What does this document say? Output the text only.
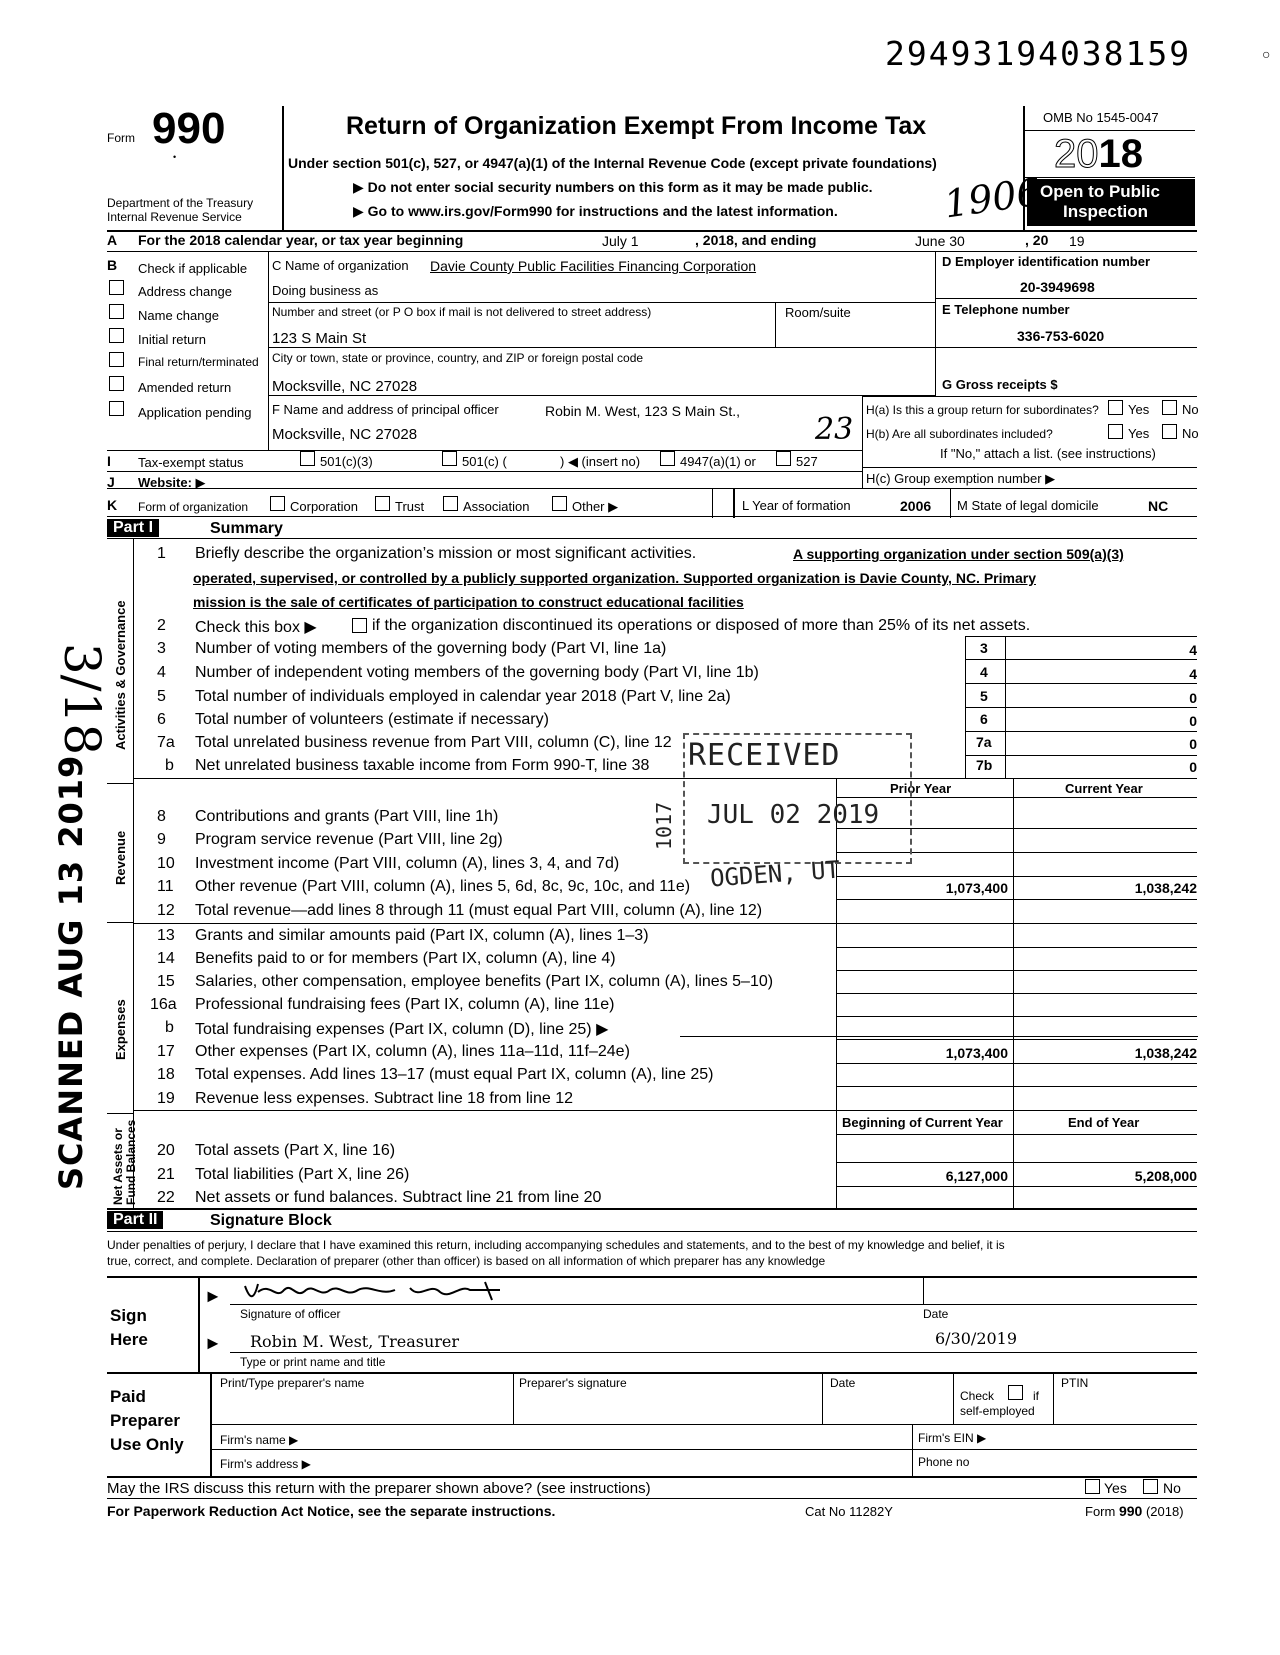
29493194038159	○
Form 990
•
Department of the Treasury
Internal Revenue Service
Return of Organization Exempt From Income Tax
Under section 501(c), 527, or 4947(a)(1) of the Internal Revenue Code (except private foundations)
▶ Do not enter social security numbers on this form as it may be made public.
▶ Go to www.irs.gov/Form990 for instructions and the latest information.
OMB No 1545-0047
2018
Open to Public
Inspection
1906
A For the 2018 calendar year, or tax year beginning	July 1	, 2018, and ending	June 30	, 20 19
B Check if applicable
Address change
Name change
Initial return
Final return/terminated
Amended return
Application pending
C Name of organization Davie County Public Facilities Financing Corporation
Doing business as
Number and street (or P O box if mail is not delivered to street address)	Room/suite
123 S Main St
City or town, state or province, country, and ZIP or foreign postal code
Mocksville, NC 27028
F Name and address of principal officer	Robin M. West, 123 S Main St.,
Mocksville, NC 27028	23
D Employer identification number
20-3949698
E Telephone number
336-753-6020
G Gross receipts $
H(a) Is this a group return for subordinates? Yes	No
H(b) Are all subordinates included?	Yes	No
If "No," attach a list. (see instructions)
H(c) Group exemption number ▶
I Tax-exempt status	501(c)(3)	501(c) (	) ◀ (insert no)	4947(a)(1) or	527
J Website: ▶
K Form of organization	Corporation	Trust	Association	Other ▶	L Year of formation	2006 M State of legal domicile	NC
Part I	Summary
Activities & Governance
Revenue
Expenses
Net Assets or Fund Balances
1 Briefly describe the organization’s mission or most significant activities.	A supporting organization under section 509(a)(3)
operated, supervised, or controlled by a publicly supported organization. Supported organization is Davie County, NC. Primary
mission is the sale of certificates of participation to construct educational facilities
2 Check this box ▶	if the organization discontinued its operations or disposed of more than 25% of its net assets.
3 Number of voting members of the governing body (Part VI, line 1a)	3	4
4 Number of independent voting members of the governing body (Part VI, line 1b)	4	4
5 Total number of individuals employed in calendar year 2018 (Part V, line 2a)	5	0
6 Total number of volunteers (estimate if necessary)	6	0
7a Total unrelated business revenue from Part VIII, column (C), line 12	7a	0
b Net unrelated business taxable income from Form 990-T, line 38	7b	0
Prior Year	Current Year
8 Contributions and grants (Part VIII, line 1h)
9 Program service revenue (Part VIII, line 2g)
10 Investment income (Part VIII, column (A), lines 3, 4, and 7d)
11 Other revenue (Part VIII, column (A), lines 5, 6d, 8c, 9c, 10c, and 11e)	1,073,400	1,038,242
12 Total revenue—add lines 8 through 11 (must equal Part VIII, column (A), line 12)
13 Grants and similar amounts paid (Part IX, column (A), lines 1–3)
14 Benefits paid to or for members (Part IX, column (A), line 4)
15 Salaries, other compensation, employee benefits (Part IX, column (A), lines 5–10)
16a Professional fundraising fees (Part IX, column (A), line 11e)
b Total fundraising expenses (Part IX, column (D), line 25) ▶
17 Other expenses (Part IX, column (A), lines 11a–11d, 11f–24e)	1,073,400	1,038,242
18 Total expenses. Add lines 13–17 (must equal Part IX, column (A), line 25)
19 Revenue less expenses. Subtract line 18 from line 12
Beginning of Current Year	End of Year
20 Total assets (Part X, line 16)
21 Total liabilities (Part X, line 26)	6,127,000	5,208,000
22 Net assets or fund balances. Subtract line 21 from line 20
Part II	Signature Block
Under penalties of perjury, I declare that I have examined this return, including accompanying schedules and statements, and to the best of my knowledge and belief, it is
true, correct, and complete. Declaration of preparer (other than officer) is based on all information of which preparer has any knowledge
Sign
Here
►
►
Signature of officer	Date
6/30/2019
Robin M. West, Treasurer
Type or print name and title
Paid
Preparer
Use Only
Print/Type preparer's name	Preparer's signature	Date
Check	if
self-employed
PTIN
Firm's name ▶	Firm's EIN ▶
Firm's address ▶	Phone no
May the IRS discuss this return with the preparer shown above? (see instructions)	Yes	No
For Paperwork Reduction Act Notice, see the separate instructions.	Cat No 11282Y	Form 990 (2018)
RECEIVED
JUL 02 2019
OGDEN, UT
1017
SCANNED AUG 13 2019
3/18
